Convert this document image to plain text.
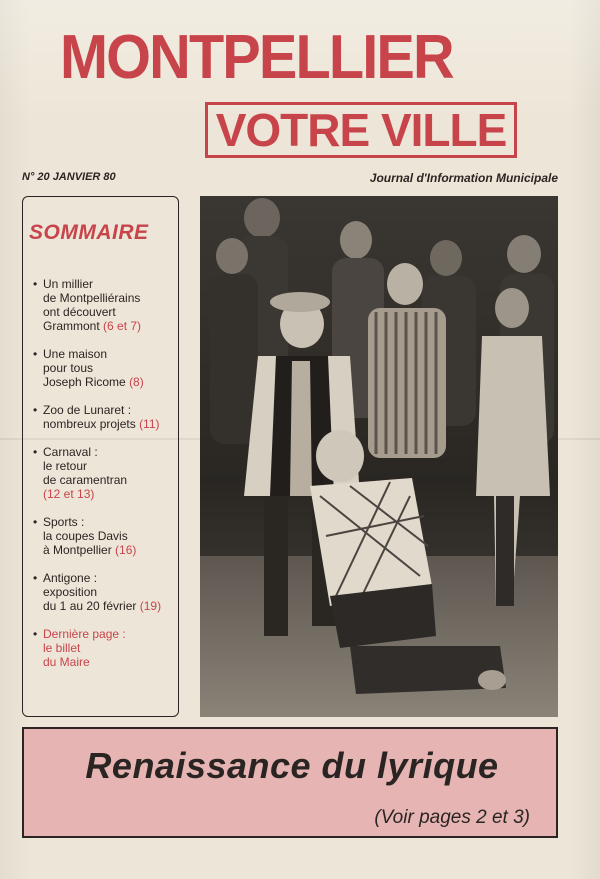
MONTPELLIER
VOTRE VILLE
N° 20 JANVIER 80	Journal d'Information Municipale
SOMMAIRE
• Un millier
de Montpelliérains
ont découvert
Grammont (6 et 7)
• Une maison
pour tous
Joseph Ricome (8)
• Zoo de Lunaret :
nombreux projets (11)
• Carnaval :
le retour
de caramentran
(12 et 13)
• Sports :
la coupes Davis
à Montpellier (16)
• Antigone :
exposition
du 1 au 20 février (19)
• Dernière page :
le billet
du Maire
Renaissance du lyrique
(Voir pages 2 et 3)
